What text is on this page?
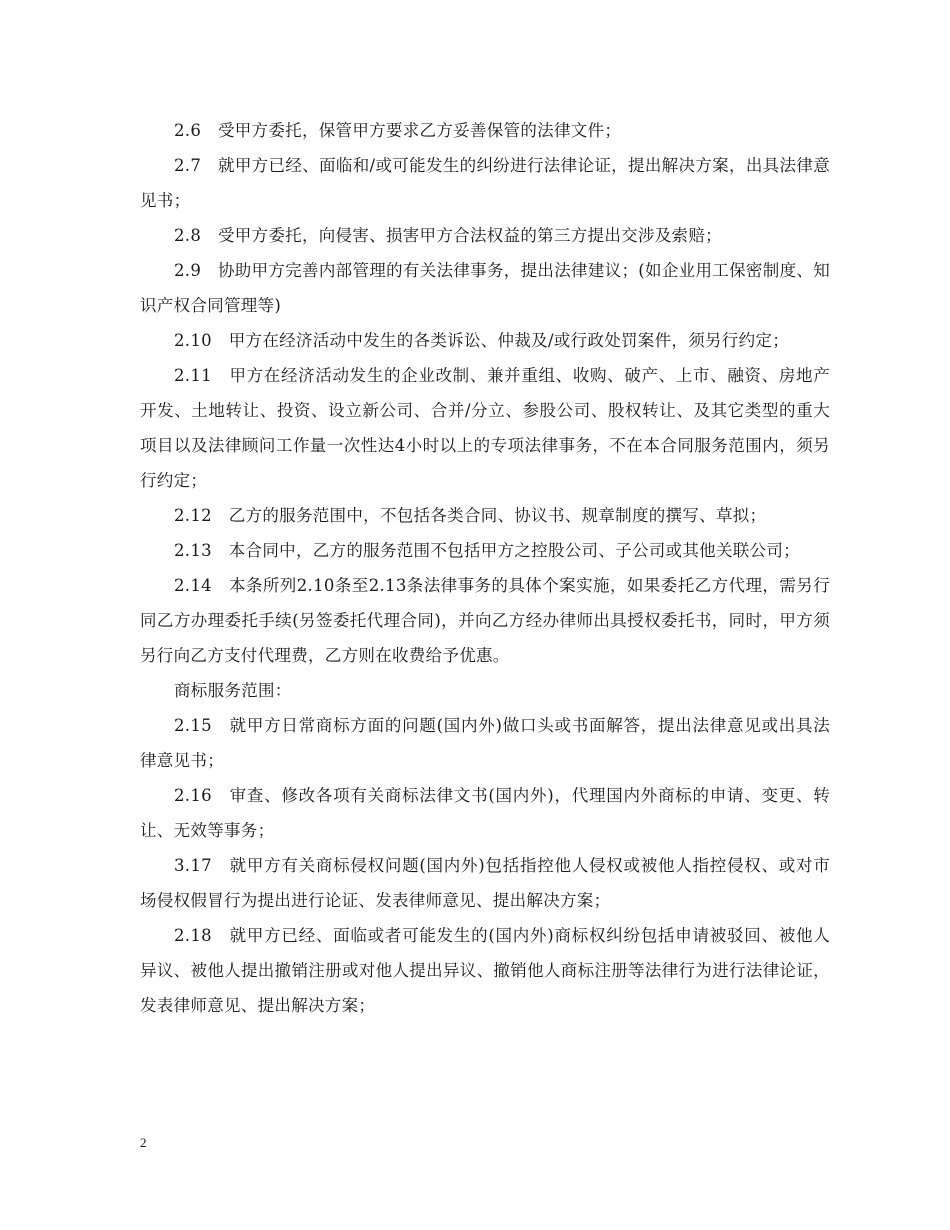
2.6　受甲方委托，保管甲方要求乙方妥善保管的法律文件；

2.7　就甲方已经、面临和/或可能发生的纠纷进行法律论证，提出解决方案，出具法律意见书；

2.8　受甲方委托，向侵害、损害甲方合法权益的第三方提出交涉及索赔；

2.9　协助甲方完善内部管理的有关法律事务，提出法律建议；(如企业用工保密制度、知识产权合同管理等)

2.10　甲方在经济活动中发生的各类诉讼、仲裁及/或行政处罚案件，须另行约定；

2.11　甲方在经济活动发生的企业改制、兼并重组、收购、破产、上市、融资、房地产开发、土地转让、投资、设立新公司、合并/分立、参股公司、股权转让、及其它类型的重大项目以及法律顾问工作量一次性达4小时以上的专项法律事务，不在本合同服务范围内，须另行约定；

2.12　乙方的服务范围中，不包括各类合同、协议书、规章制度的撰写、草拟；

2.13　本合同中，乙方的服务范围不包括甲方之控股公司、子公司或其他关联公司；

2.14　本条所列2.10条至2.13条法律事务的具体个案实施，如果委托乙方代理，需另行同乙方办理委托手续(另签委托代理合同)，并向乙方经办律师出具授权委托书，同时，甲方须另行向乙方支付代理费，乙方则在收费给予优惠。

商标服务范围：

2.15　就甲方日常商标方面的问题(国内外)做口头或书面解答，提出法律意见或出具法律意见书；

2.16　审查、修改各项有关商标法律文书(国内外)，代理国内外商标的申请、变更、转让、无效等事务；

3.17　就甲方有关商标侵权问题(国内外)包括指控他人侵权或被他人指控侵权、或对市场侵权假冒行为提出进行论证、发表律师意见、提出解决方案；

2.18　就甲方已经、面临或者可能发生的(国内外)商标权纠纷包括申请被驳回、被他人异议、被他人提出撤销注册或对他人提出异议、撤销他人商标注册等法律行为进行法律论证，发表律师意见、提出解决方案；

2
